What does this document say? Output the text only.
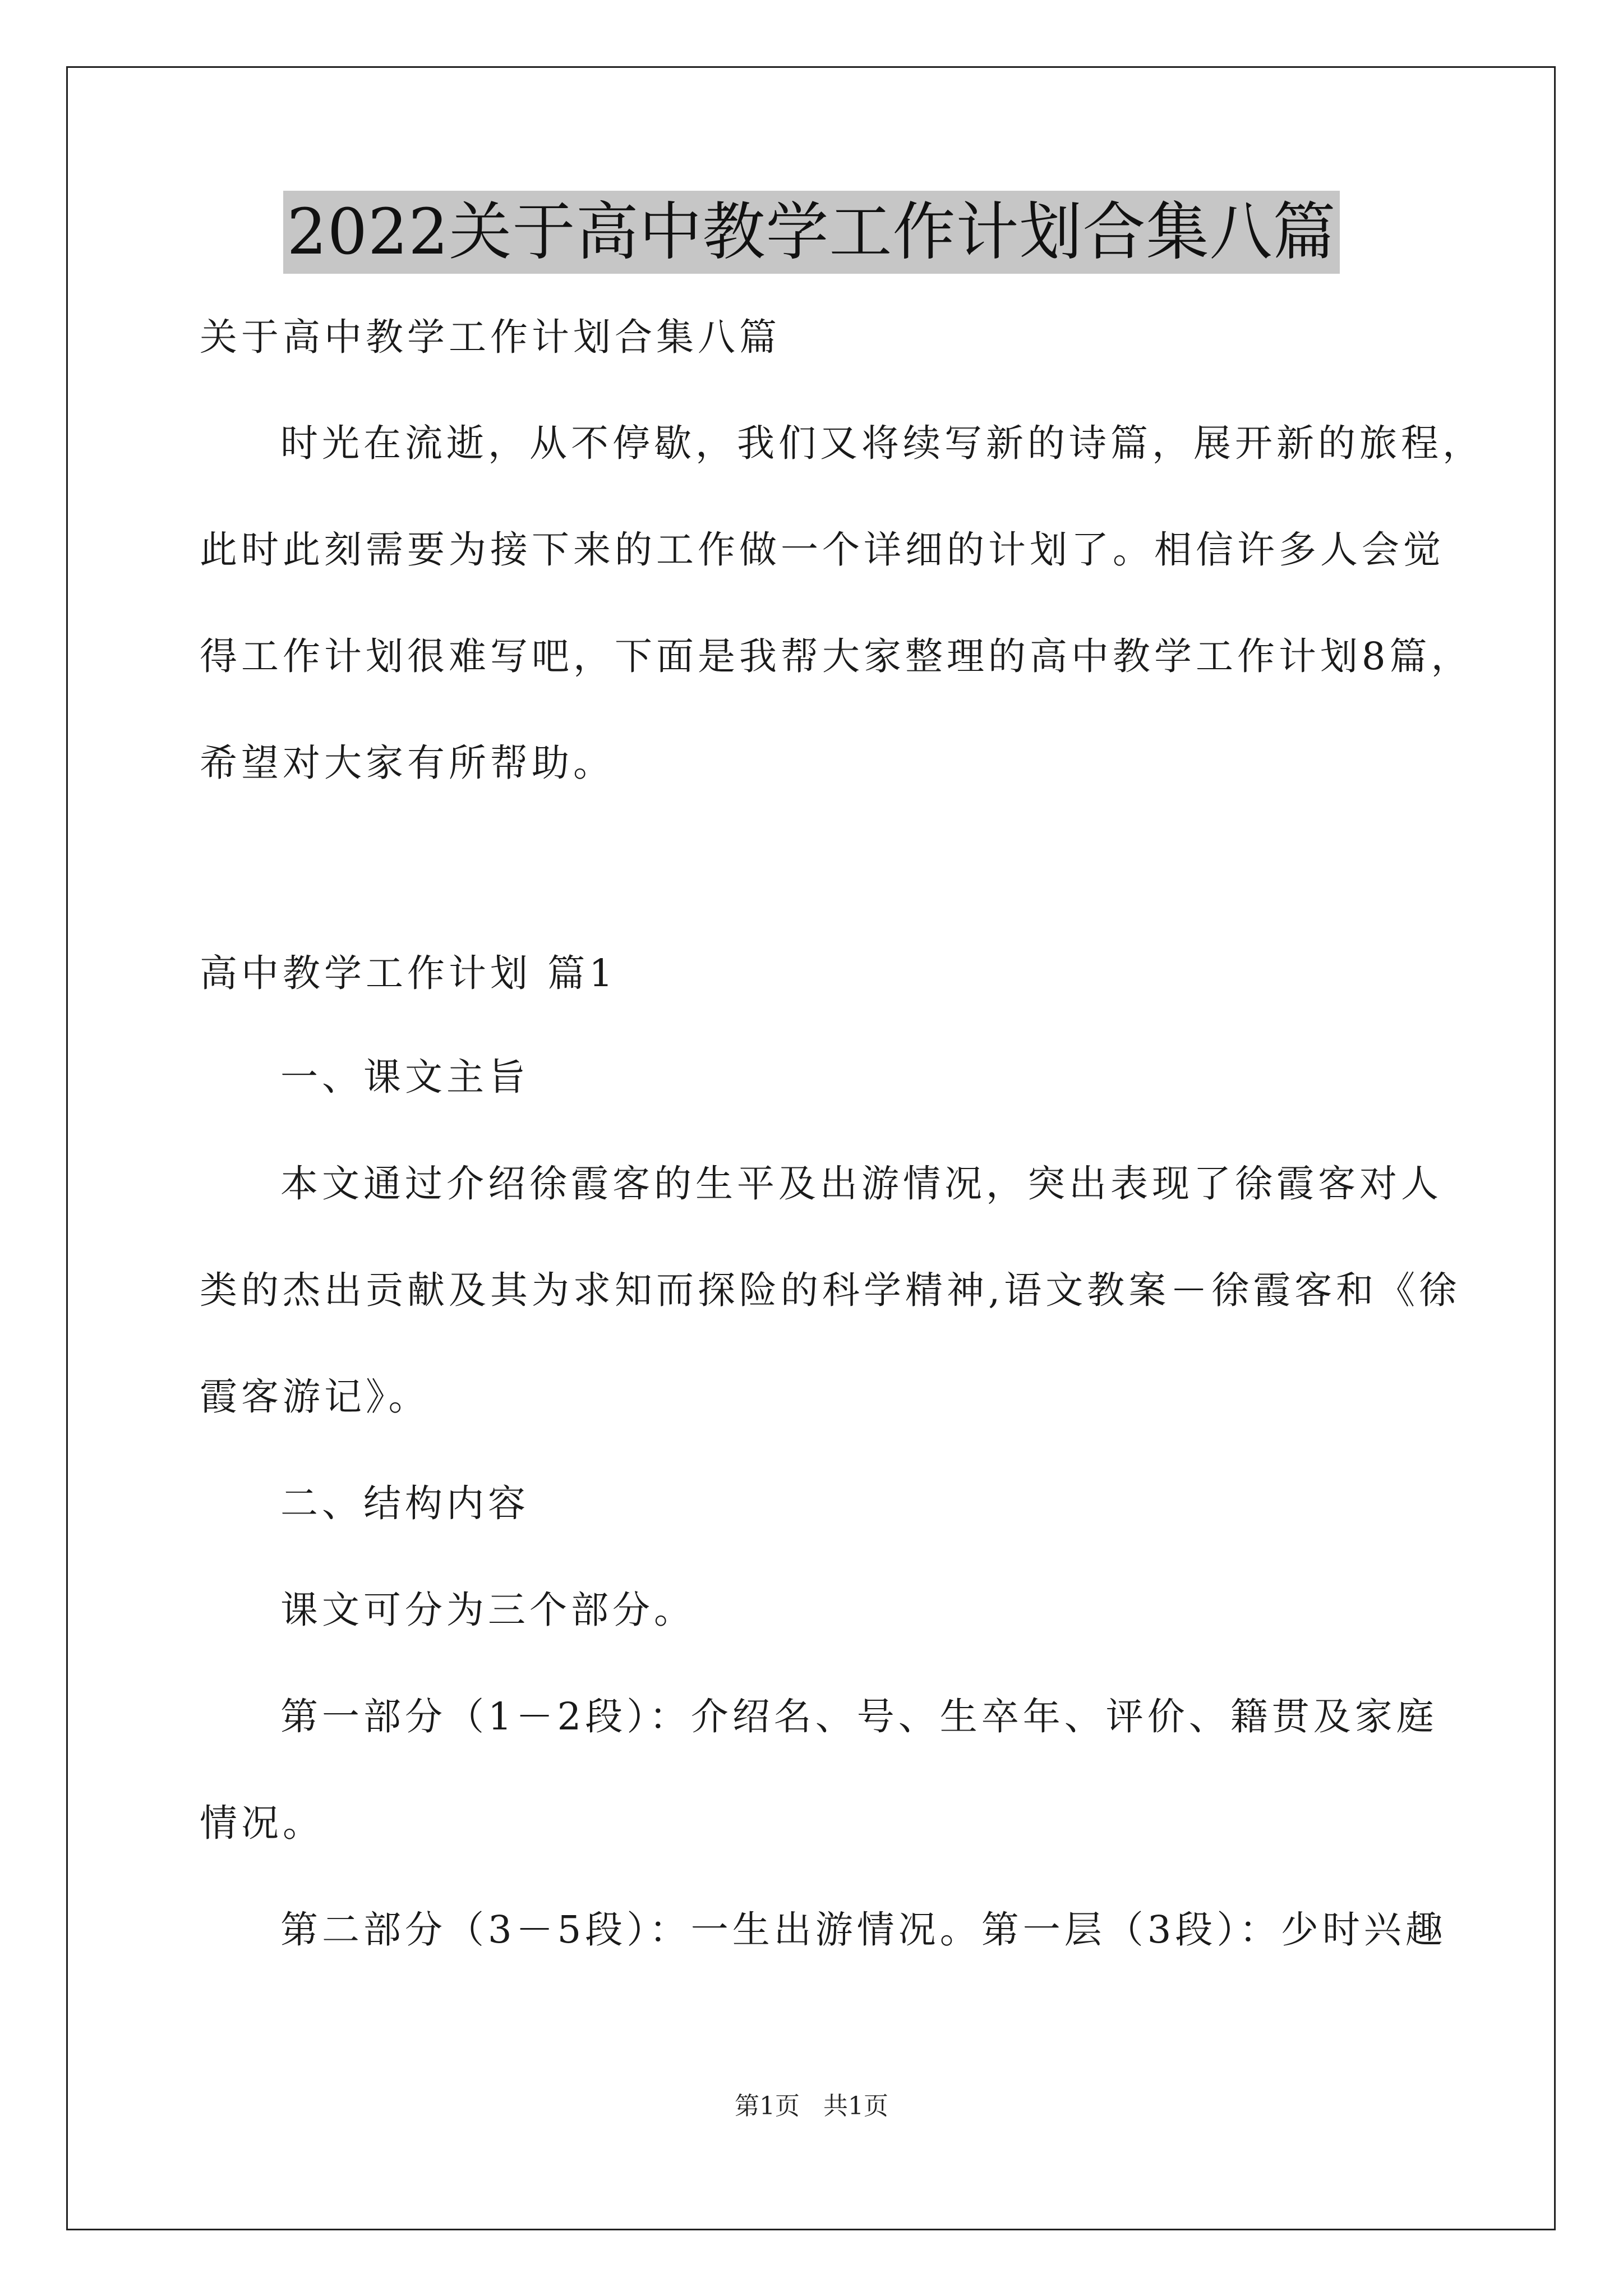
2022关于高中教学工作计划合集八篇
关于高中教学工作计划合集八篇
时光在流逝，从不停歇，我们又将续写新的诗篇，展开新的旅程，
此时此刻需要为接下来的工作做一个详细的计划了。相信许多人会觉
得工作计划很难写吧，下面是我帮大家整理的高中教学工作计划8篇，
希望对大家有所帮助。
高中教学工作计划 篇1
一、课文主旨
本文通过介绍徐霞客的生平及出游情况，突出表现了徐霞客对人
类的杰出贡献及其为求知而探险的科学精神,语文教案－徐霞客和《徐
霞客游记》。
二、结构内容
课文可分为三个部分。
第一部分（1－2段）：介绍名、号、生卒年、评价、籍贯及家庭
情况。
第二部分（3－5段）：一生出游情况。第一层（3段）：少时兴趣
第1页   共1页
